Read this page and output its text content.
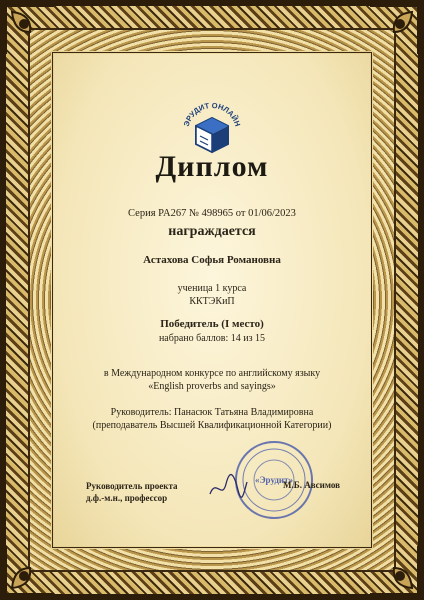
ЭРУДИТ ОНЛАЙН
Диплом
Серия PA267 № 498965 от 01/06/2023
награждается
Астахова Софья Романовна
ученица 1 курса
ККТЭКиП
Победитель (I место)
набрано баллов: 14 из 15
в Международном конкурсе по английскому языку
«English proverbs and sayings»
Руководитель: Панасюк Татьяна Владимировна
(преподаватель Высшей Квалификационной Категории)
Руководитель проекта
д.ф.-м.н., профессор
«Эрудит»
М.Б. Авсимов
